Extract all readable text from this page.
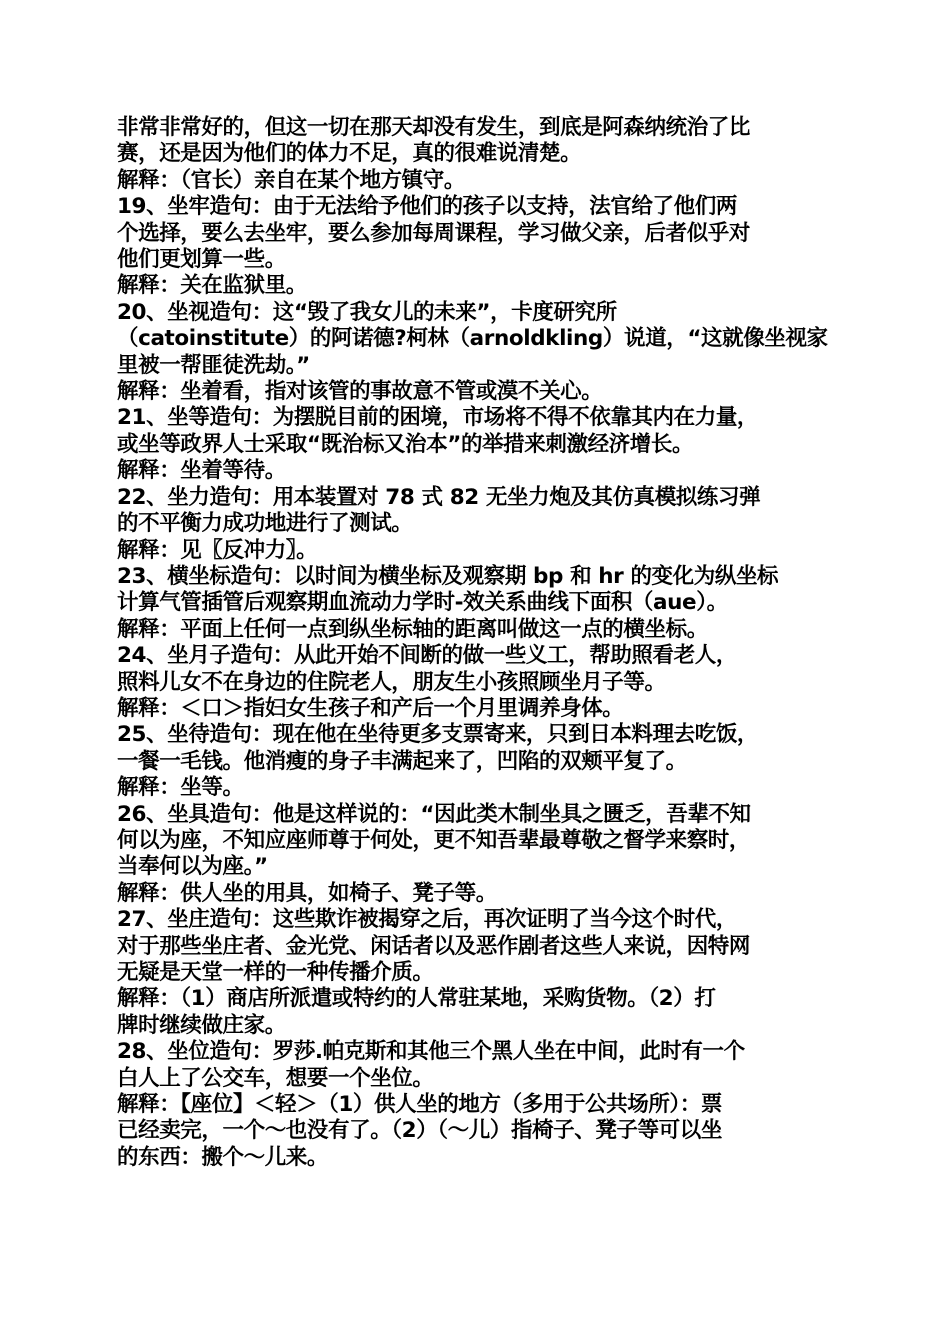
非常非常好的，但这一切在那天却没有发生，到底是阿森纳统治了比
赛，还是因为他们的体力不足，真的很难说清楚。
解释：（官长）亲自在某个地方镇守。
19、坐牢造句：由于无法给予他们的孩子以支持，法官给了他们两
个选择，要么去坐牢，要么参加每周课程，学习做父亲，后者似乎对
他们更划算一些。
解释：关在监狱里。
20、坐视造句：这“毁了我女儿的未来”，卡度研究所
（catoinstitute）的阿诺德?柯林（arnoldkling）说道，“这就像坐视家
里被一帮匪徒洗劫。”
解释：坐着看，指对该管的事故意不管或漠不关心。
21、坐等造句：为摆脱目前的困境，市场将不得不依靠其内在力量，
或坐等政界人士采取“既治标又治本”的举措来刺激经济增长。
解释：坐着等待。
22、坐力造句：用本装置对 78 式 82 无坐力炮及其仿真模拟练习弹
的不平衡力成功地进行了测试。
解释：见〖反冲力〗。
23、横坐标造句：以时间为横坐标及观察期 bp 和 hr 的变化为纵坐标
计算气管插管后观察期血流动力学时-效关系曲线下面积（aue）。
解释：平面上任何一点到纵坐标轴的距离叫做这一点的横坐标。
24、坐月子造句：从此开始不间断的做一些义工，帮助照看老人，
照料儿女不在身边的住院老人，朋友生小孩照顾坐月子等。
解释：＜口＞指妇女生孩子和产后一个月里调养身体。
25、坐待造句：现在他在坐待更多支票寄来，只到日本料理去吃饭，
一餐一毛钱。他消瘦的身子丰满起来了，凹陷的双颊平复了。
解释：坐等。
26、坐具造句：他是这样说的：“因此类木制坐具之匮乏，吾辈不知
何以为座，不知应座师尊于何处，更不知吾辈最尊敬之督学来察时，
当奉何以为座。”
解释：供人坐的用具，如椅子、凳子等。
27、坐庄造句：这些欺诈被揭穿之后，再次证明了当今这个时代，
对于那些坐庄者、金光党、闲话者以及恶作剧者这些人来说，因特网
无疑是天堂一样的一种传播介质。
解释：（1）商店所派遣或特约的人常驻某地，采购货物。（2）打
牌时继续做庄家。
28、坐位造句：罗莎.帕克斯和其他三个黑人坐在中间，此时有一个
白人上了公交车，想要一个坐位。
解释：【座位】＜轻＞（1）供人坐的地方（多用于公共场所）：票
已经卖完，一个～也没有了。（2）（～儿）指椅子、凳子等可以坐
的东西：搬个～儿来。
